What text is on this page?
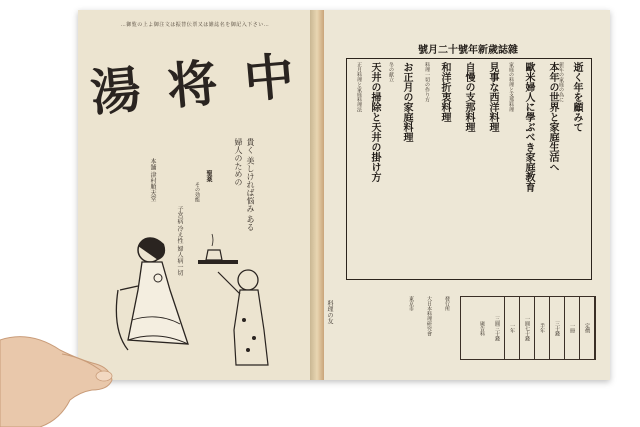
…御覧の上よ御注文は振替伝票又は雑誌名を御記入下さい…
湯 将 中
貴く 美しければ悩み ある婦人のための
聖薬
その効能
子宮病 冷え性 婦人病一切
本舗 津村順天堂
號月二十號年新歲誌雜
逝く年を顧みて
本年の世界と家庭生活へ
歐米婦人に學ぶべき家庭教育
見事な西洋料理
自慢の支那料理
和洋折衷料理
お正月の家庭料理
天井の掃除と天井の掛け方	新年の家庭の為に
家庭の料理と支那料理
料理一切の作り方
冬の献立
正月料理と家庭料理法
定價
一冊
三十錢
半年
一圓七十錢
一年
三圓三十錢
廣告料
發行所
大日本料理研究會
東京市
料理の友
